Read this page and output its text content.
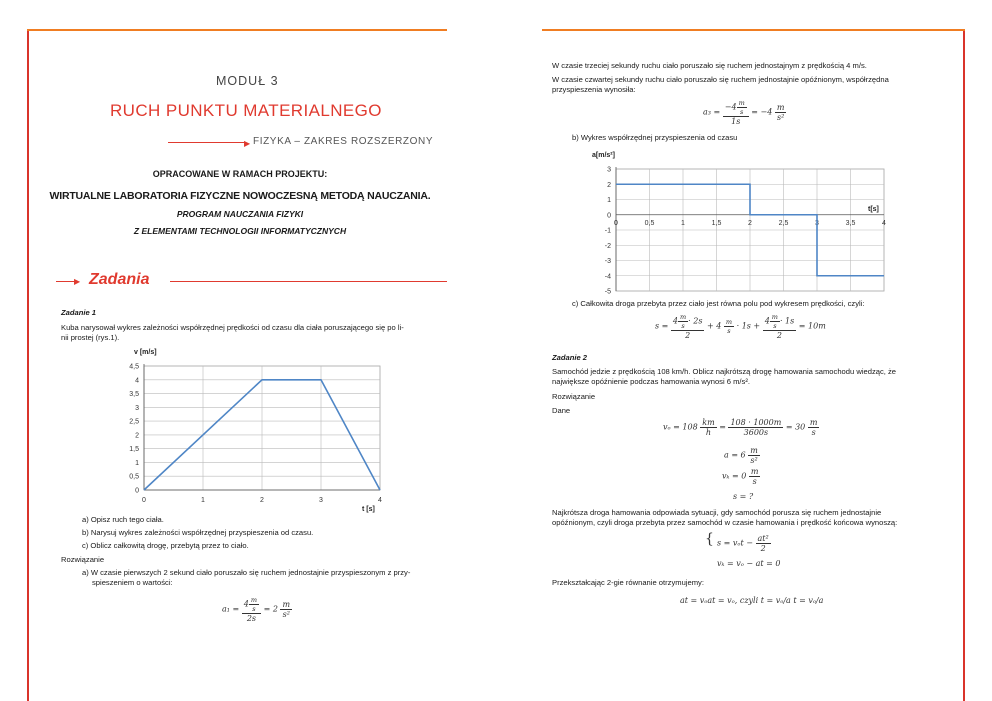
MODUŁ 3
RUCH PUNKTU MATERIALNEGO
▶ FIZYKA – ZAKRES ROZSZERZONY
OPRACOWANE W RAMACH PROJEKTU:
WIRTUALNE LABORATORIA FIZYCZNE NOWOCZESNĄ METODĄ NAUCZANIA.
PROGRAM NAUCZANIA FIZYKI
Z ELEMENTAMI TECHNOLOGII INFORMATYCZNYCH
▶ Zadania
Zadanie 1
Kuba narysował wykres zależności współrzędnej prędkości od czasu dla ciała poruszającego się po li-
nii prostej (rys.1).
0
0,5
1
1,5
2
2,5
3
3,5
4
4,5
0	1	2	3	4
v [m/s]
t [s]
a) Opisz ruch tego ciała.
b) Narysuj wykres zależności współrzędnej przyspieszenia od czasu.
c) Oblicz całkowitą drogę, przebytą przez to ciało.
Rozwiązanie
a) W czasie pierwszych 2 sekund ciało poruszało się ruchem jednostajnie przyspieszonym z przy-
spieszeniem o wartości:
$a_1 = \frac{4 \frac{m}{s}}{2s} = 2 \frac{m}{\text{s²}}$
W czasie trzeciej sekundy ruchu ciało poruszało się ruchem jednostajnym z prędkością 4 m/s.
W czasie czwartej sekundy ruchu ciało poruszało się ruchem jednostajnie opóźnionym, współrzędna
przyspieszenia wynosiła:
$a_3 = \frac{-4 \frac{m}{s}}{1s} = -4 \frac{m}{\text{s²}}$
b) Wykres współrzędnej przyspieszenia od czasu
-5
-4
-3
-2
-1
0
1
2
3
0	0,5	1	1,5	2	2,5	3	3,5	4
a[m/s²]
t[s]
c) Całkowita droga przebyta przez ciało jest równa polu pod wykresem prędkości, czyli:
$s = \frac{4 \frac{m}{s} \cdot 2s}{2} + 4 \frac{m}{s} \cdot 1s + \frac{4 \frac{m}{s} \cdot 1s}{2} = 10m$
Zadanie 2
Samochód jedzie z prędkością 108 km/h. Oblicz najkrótszą drogę hamowania samochodu wiedząc, że
największe opóźnienie podczas hamowania wynosi 6 m/s².
Rozwiązanie
Dane
$v_o = 108 \frac{km}{h} = \frac{108 \cdot 1000m}{3600s} = 30 \frac{m}{s}$
$a = 6 \frac{m}{\text{s²}}$
$v_k = 0 \frac{m}{s}$
s = ?
Najkrótsza droga hamowania odpowiada sytuacji, gdy samochód porusza się ruchem jednostajnie
opóźnionym, czyli droga przebyta przez samochód w czasie hamowania i prędkość końcowa wynoszą:
{ $s = v_ot - \frac{\text{at²}}{2}$
vₖ = vₒ − at = 0
Przekształcając 2-gie równanie otrzymujemy:
at = vₒat = vₒ, czyli t = vₒ/a t = vₒ/a
